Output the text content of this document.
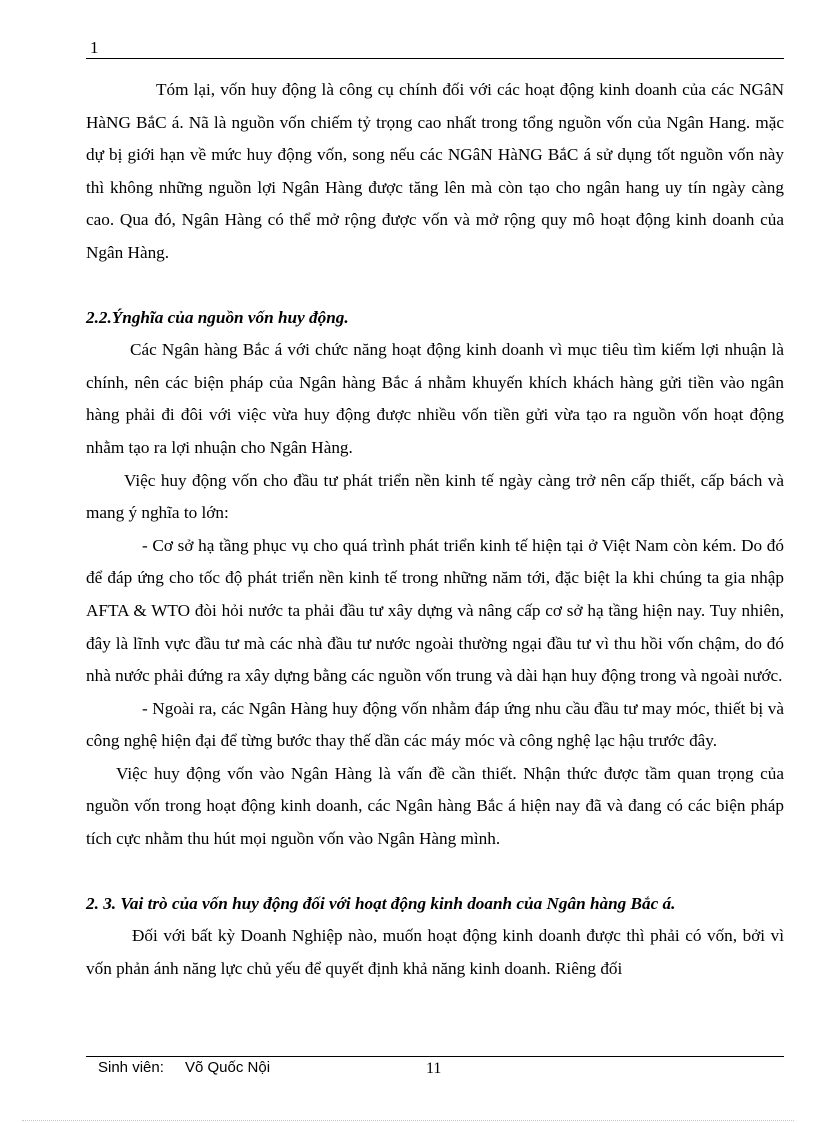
1

Tóm lại, vốn huy động là công cụ chính đối với các hoạt động kinh doanh của các NGâN HàNG BắC á. Nã là nguồn vốn chiếm tỷ trọng cao nhất trong tổng nguồn vốn của Ngân Hang. mặc dự bị giới hạn về mức huy động vốn, song nếu các NGâN HàNG BắC á sử dụng tốt nguồn vốn này thì không những nguồn lợi Ngân Hàng được tăng lên mà còn tạo cho ngân hang uy tín ngày càng cao. Qua đó, Ngân Hàng có thể mở rộng được vốn và mở rộng quy mô hoạt động kinh doanh của Ngân Hàng.

2.2.Ýnghĩa của nguồn vốn huy động.

Các Ngân hàng Bắc á với chức năng hoạt động kinh doanh vì mục tiêu tìm kiếm lợi nhuận là chính, nên các biện pháp của Ngân hàng Bắc á nhằm khuyến khích khách hàng gửi tiền vào ngân hàng phải đi đôi với việc vừa huy động được nhiều vốn tiền gửi vừa tạo ra nguồn vốn hoạt động nhằm tạo ra lợi nhuận cho Ngân Hàng.

Việc huy động vốn cho đầu tư phát triển nền kinh tế ngày càng trở nên cấp thiết, cấp bách và mang ý nghĩa to lớn:

- Cơ sở hạ tầng phục vụ cho quá trình phát triển kinh tế hiện tại ở Việt Nam còn kém. Do đó để đáp ứng cho tốc độ phát triển nền kinh tế trong những năm tới, đặc biệt la khi chúng ta gia nhập AFTA & WTO đòi hỏi nước ta phải đầu tư xây dựng và nâng cấp cơ sở hạ tầng hiện nay. Tuy nhiên, đây là lĩnh vực đầu tư mà các nhà đầu tư nước ngoài thường ngại đầu tư vì thu hồi vốn chậm, do đó nhà nước phải đứng ra xây dựng bằng các nguồn vốn trung và dài hạn huy động trong và ngoài nước.

- Ngoài ra, các Ngân Hàng huy động vốn nhằm đáp ứng nhu cầu đầu tư may móc, thiết bị và công nghệ hiện đại để từng bước thay thế dần các máy móc và công nghệ lạc hậu trước đây.

Việc huy động vốn vào Ngân Hàng là vấn đề cần thiết. Nhận thức được tầm quan trọng của nguồn vốn trong hoạt động kinh doanh, các Ngân hàng Bắc á hiện nay đã và đang có các biện pháp tích cực nhằm thu hút mọi nguồn vốn vào Ngân Hàng mình.

2. 3. Vai trò của vốn huy động đối với hoạt động kinh doanh của Ngân hàng Bắc á.

Đối với bất kỳ Doanh Nghiệp nào, muốn hoạt động kinh doanh được thì phải có vốn, bởi vì vốn phản ánh năng lực chủ yếu để quyết định khả năng kinh doanh. Riêng đối

Sinh viên: Võ Quốc Nội	11
